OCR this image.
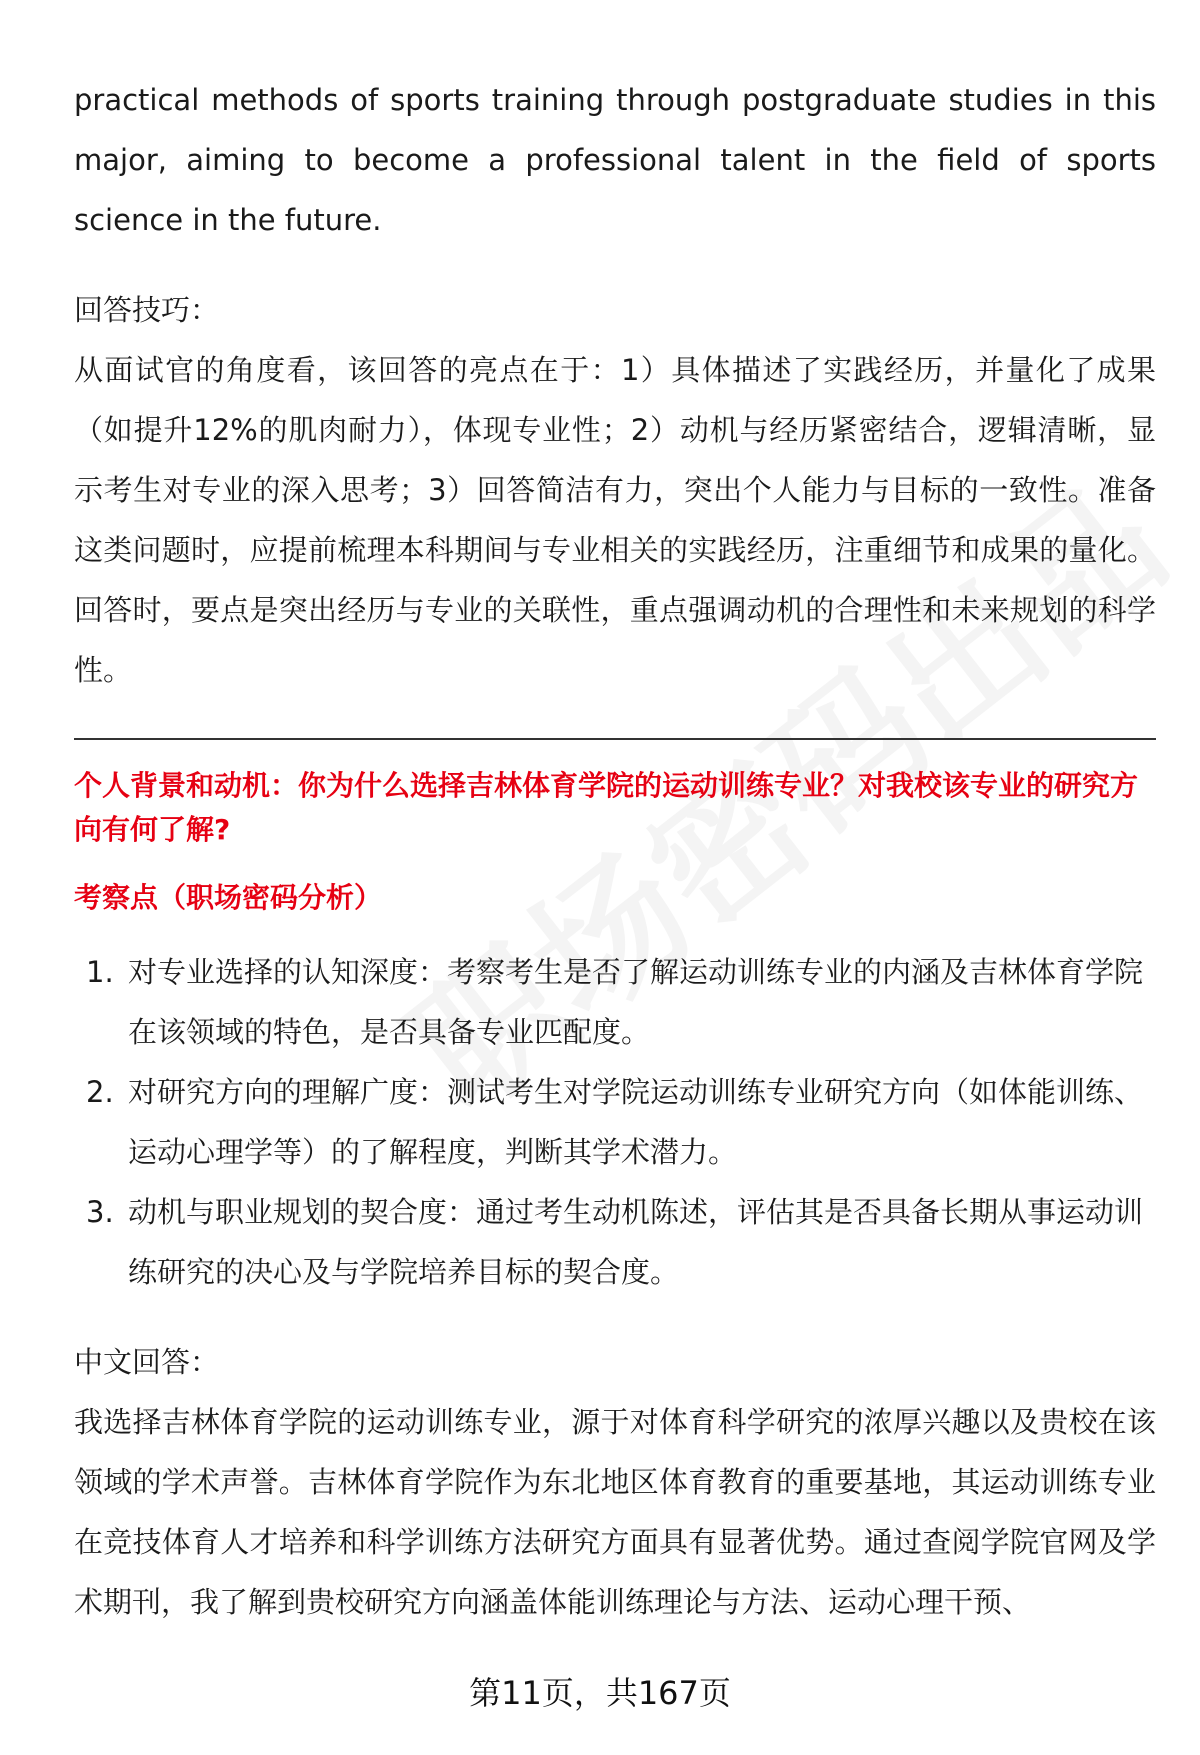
practical methods of sports training through postgraduate studies in this major, aiming to become a professional talent in the field of sports science in the future.

回答技巧：

从面试官的角度看，该回答的亮点在于：1）具体描述了实践经历，并量化了成果（如提升12%的肌肉耐力），体现专业性；2）动机与经历紧密结合，逻辑清晰，显示考生对专业的深入思考；3）回答简洁有力，突出个人能力与目标的一致性。准备这类问题时，应提前梳理本科期间与专业相关的实践经历，注重细节和成果的量化。回答时，要点是突出经历与专业的关联性，重点强调动机的合理性和未来规划的科学性。

个人背景和动机：你为什么选择吉林体育学院的运动训练专业？对我校该专业的研究方向有何了解?

考察点（职场密码分析）

1. 对专业选择的认知深度：考察考生是否了解运动训练专业的内涵及吉林体育学院在该领域的特色，是否具备专业匹配度。
2. 对研究方向的理解广度：测试考生对学院运动训练专业研究方向（如体能训练、运动心理学等）的了解程度，判断其学术潜力。
3. 动机与职业规划的契合度：通过考生动机陈述，评估其是否具备长期从事运动训练研究的决心及与学院培养目标的契合度。

中文回答：

我选择吉林体育学院的运动训练专业，源于对体育科学研究的浓厚兴趣以及贵校在该领域的学术声誉。吉林体育学院作为东北地区体育教育的重要基地，其运动训练专业在竞技体育人才培养和科学训练方法研究方面具有显著优势。通过查阅学院官网及学术期刊，我了解到贵校研究方向涵盖体能训练理论与方法、运动心理干预、

第11页，共167页
